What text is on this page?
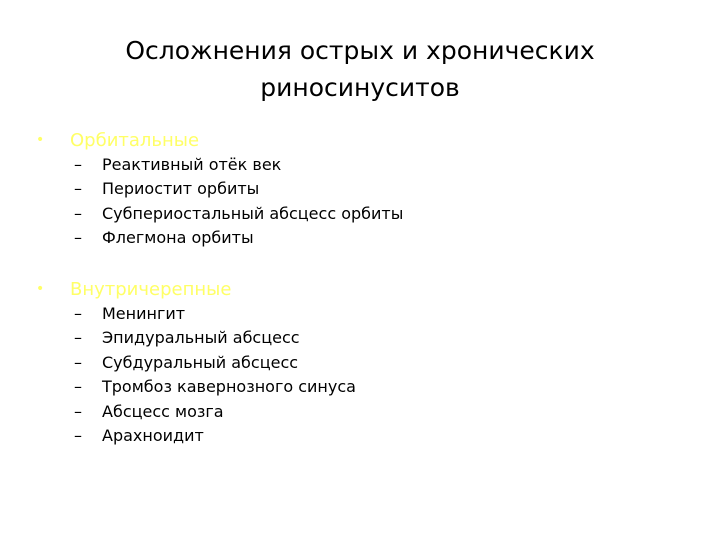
Осложнения острых и хронических
риносинуситов
• Орбитальные
– Реактивный отёк век
– Периостит орбиты
– Субпериостальный абсцесс орбиты
– Флегмона орбиты
• Внутричерепные
– Менингит
– Эпидуральный абсцесс
– Субдуральный абсцесс
– Тромбоз кавернозного синуса
– Абсцесс мозга
– Арахноидит
